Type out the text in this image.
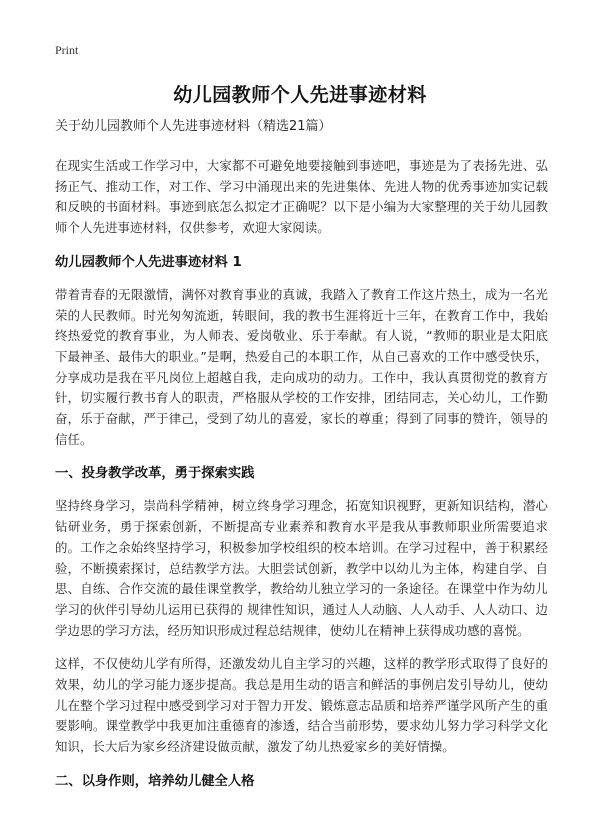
Print
幼儿园教师个人先进事迹材料

关于幼儿园教师个人先进事迹材料（精选21篇）

在现实生活或工作学习中，大家都不可避免地要接触到事迹吧，事迹是为了表扬先进、弘扬正气、推动工作，对工作、学习中涌现出来的先进集体、先进人物的优秀事迹加实记载和反映的书面材料。事迹到底怎么拟定才正确呢？以下是小编为大家整理的关于幼儿园教师个人先进事迹材料，仅供参考，欢迎大家阅读。

幼儿园教师个人先进事迹材料 1

带着青春的无限激情，满怀对教育事业的真诚，我踏入了教育工作这片热土，成为一名光荣的人民教师。时光匆匆流逝，转眼间，我的教书生涯将近十三年，在教育工作中，我始终热爱党的教育事业，为人师表、爱岗敬业、乐于奉献。有人说，“教师的职业是太阳底下最神圣、最伟大的职业。”是啊，热爱自己的本职工作，从自己喜欢的工作中感受快乐，分享成功是我在平凡岗位上超越自我，走向成功的动力。工作中，我认真贯彻党的教育方针，切实履行教书育人的职责，严格服从学校的工作安排，团结同志，关心幼儿，工作勤奋，乐于奋献，严于律己，受到了幼儿的喜爱，家长的尊重；得到了同事的赞许，领导的信任。

一、投身教学改革，勇于探索实践

坚持终身学习，崇尚科学精神，树立终身学习理念，拓宽知识视野，更新知识结构，潜心钻研业务，勇于探索创新，不断提高专业素养和教育水平是我从事教师职业所需要追求的。工作之余始终坚持学习，积极参加学校组织的校本培训。在学习过程中，善于积累经验，不断摸索探讨，总结教学方法。大胆尝试创新，教学中以幼儿为主体，构建自学、自思、自练、合作交流的最佳课堂教学，教给幼儿独立学习的一条途径。在课堂中作为幼儿学习的伙伴引导幼儿运用已获得的 规律性知识，通过人人动脑、人人动手、人人动口、边学边思的学习方法，经历知识形成过程总结规律，使幼儿在精神上获得成功感的喜悦。

这样，不仅使幼儿学有所得，还激发幼儿自主学习的兴趣，这样的教学形式取得了良好的效果，幼儿的学习能力逐步提高。我总是用生动的语言和鲜活的事例启发引导幼儿，使幼儿在整个学习过程中感受到学习对于智力开发、锻炼意志品质和培养严谨学风所产生的重要影响。课堂教学中我更加注重德育的渗透，结合当前形势，要求幼儿努力学习科学文化知识，长大后为家乡经济建设做贡献，激发了幼儿热爱家乡的美好情操。

二、以身作则，培养幼儿健全人格
